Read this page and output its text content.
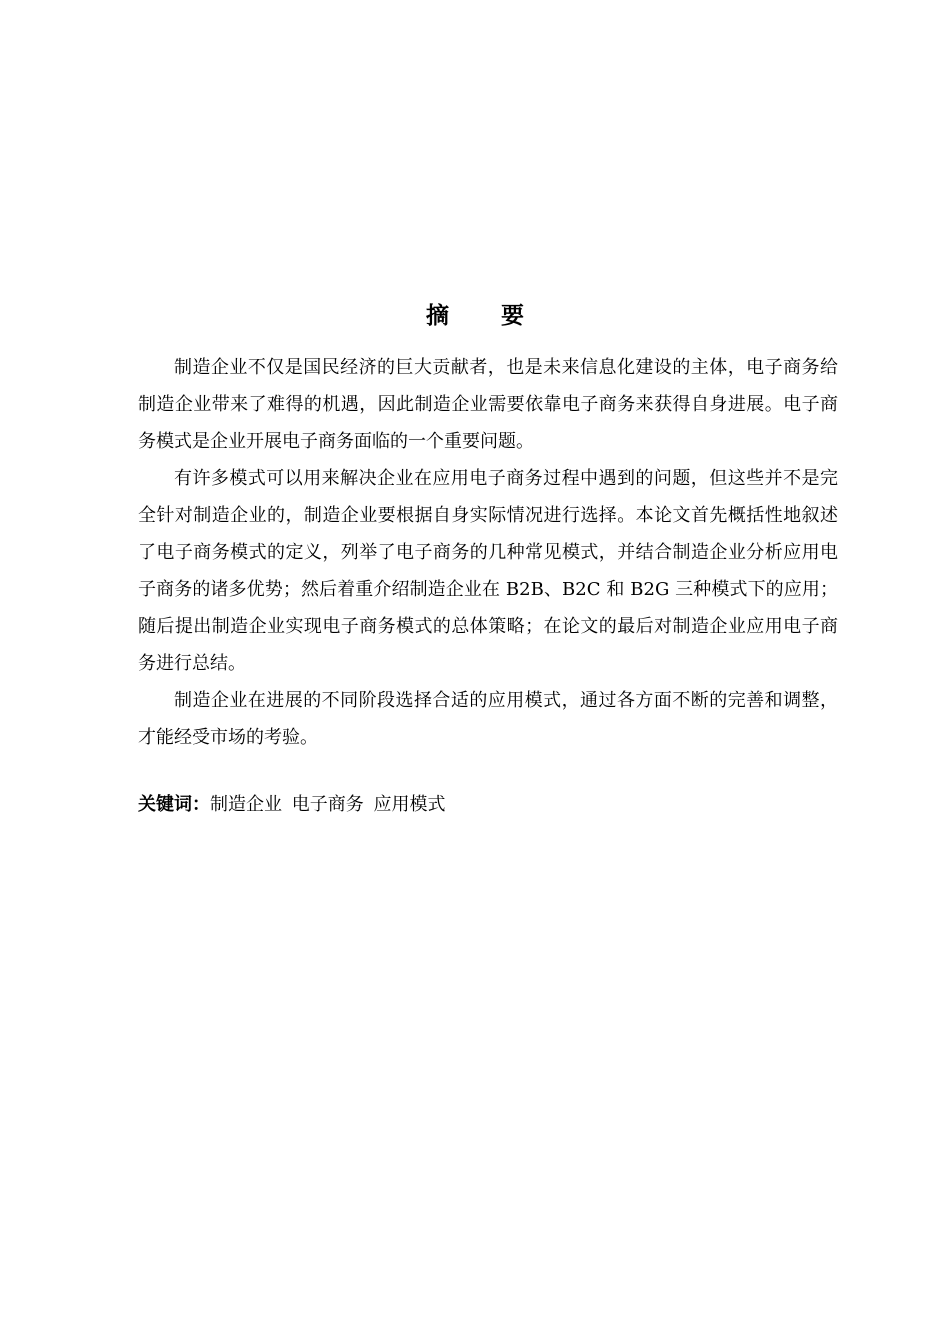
摘 要

制造企业不仅是国民经济的巨大贡献者，也是未来信息化建设的主体，电子商务给制造企业带来了难得的机遇，因此制造企业需要依靠电子商务来获得自身进展。电子商务模式是企业开展电子商务面临的一个重要问题。

有许多模式可以用来解决企业在应用电子商务过程中遇到的问题，但这些并不是完全针对制造企业的，制造企业要根据自身实际情况进行选择。本论文首先概括性地叙述了电子商务模式的定义，列举了电子商务的几种常见模式，并结合制造企业分析应用电子商务的诸多优势；然后着重介绍制造企业在 B2B、B2C 和 B2G 三种模式下的应用；随后提出制造企业实现电子商务模式的总体策略；在论文的最后对制造企业应用电子商务进行总结。

制造企业在进展的不同阶段选择合适的应用模式，通过各方面不断的完善和调整，才能经受市场的考验。

关键词：制造企业 电子商务 应用模式
